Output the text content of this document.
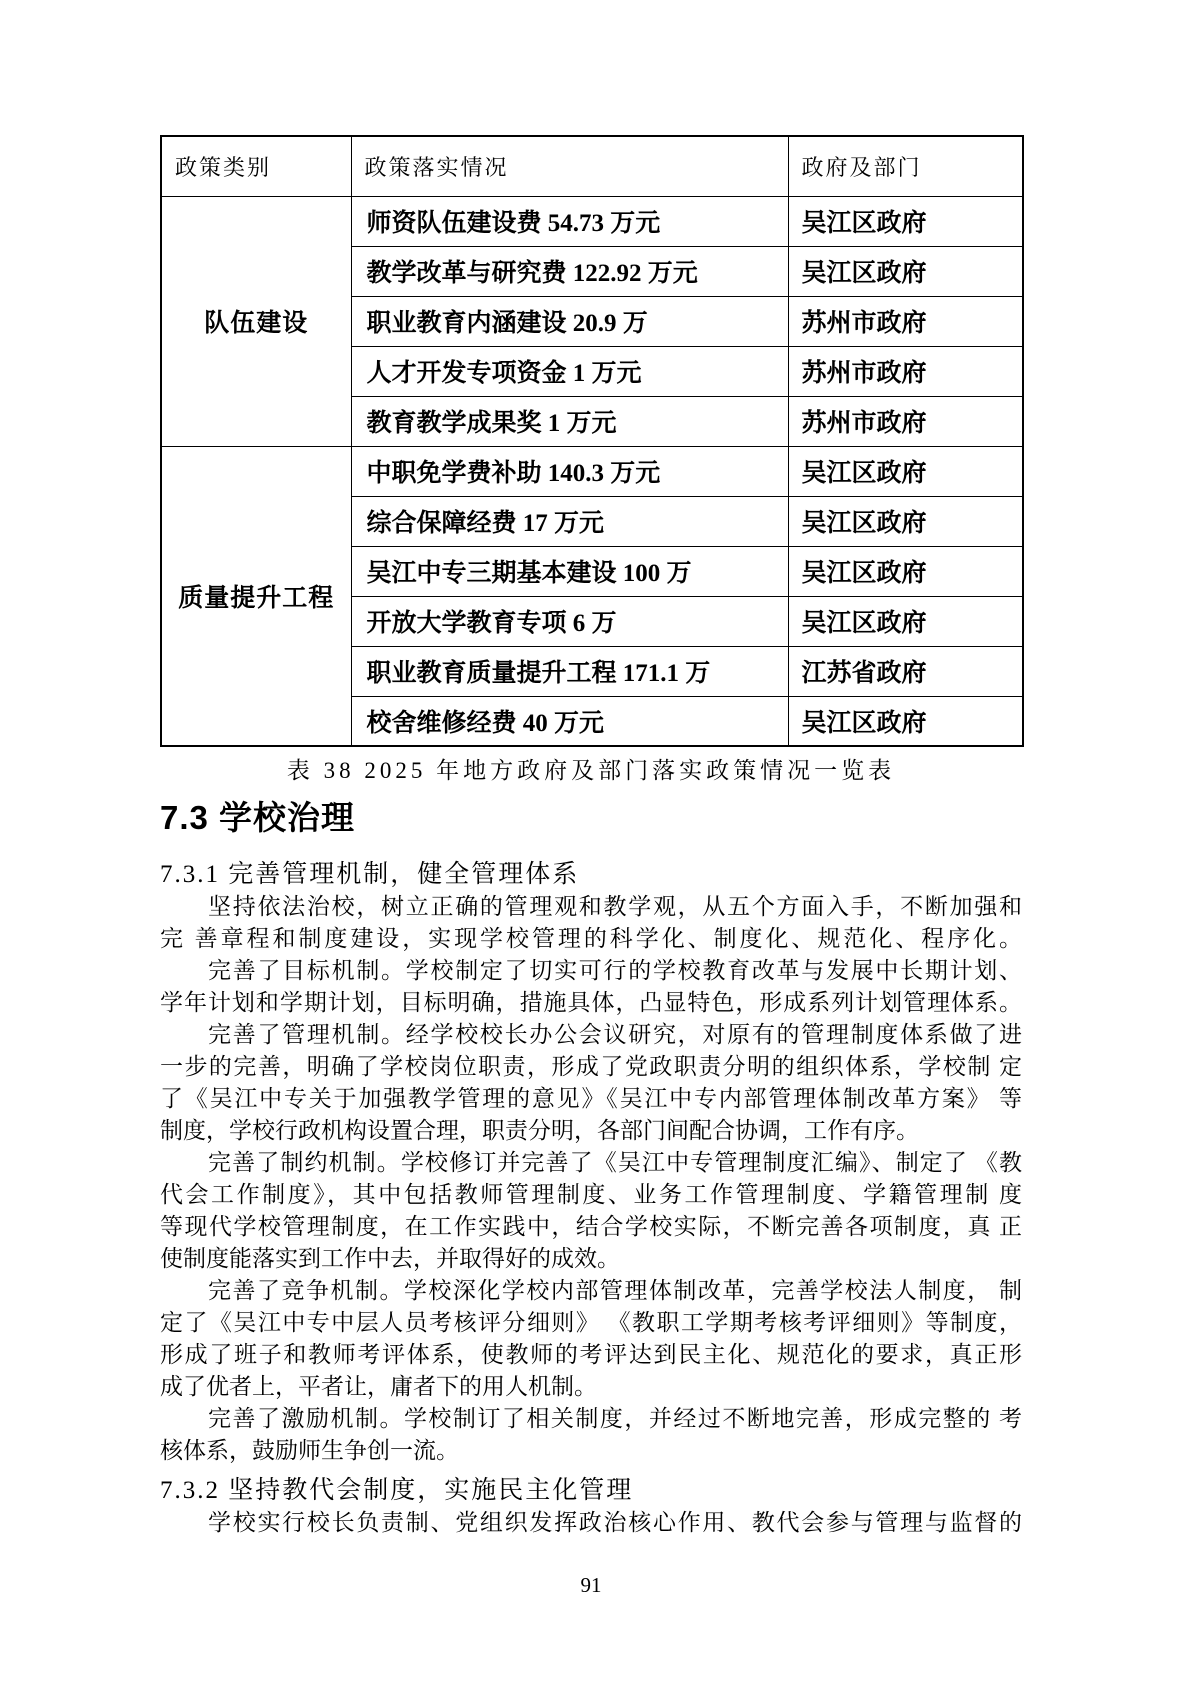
政策类别	政策落实情况	政府及部门
队伍建设	师资队伍建设费 54.73 万元	吴江区政府
	教学改革与研究费 122.92 万元	吴江区政府
	职业教育内涵建设 20.9 万	苏州市政府
	人才开发专项资金 1 万元	苏州市政府
	教育教学成果奖 1 万元	苏州市政府
质量提升工程	中职免学费补助 140.3 万元	吴江区政府
	综合保障经费 17 万元	吴江区政府
	吴江中专三期基本建设 100 万	吴江区政府
	开放大学教育专项 6 万	吴江区政府
	职业教育质量提升工程 171.1 万	江苏省政府
	校舍维修经费 40 万元	吴江区政府
表 38 2025 年地方政府及部门落实政策情况一览表
7.3 学校治理
7.3.1 完善管理机制，健全管理体系
坚持依法治校，树立正确的管理观和教学观，从五个方面入手，不断加强和
完 善章程和制度建设，实现学校管理的科学化、制度化、规范化、程序化。
完善了目标机制。学校制定了切实可行的学校教育改革与发展中长期计划、
学年计划和学期计划，目标明确，措施具体，凸显特色，形成系列计划管理体系。
完善了管理机制。经学校校长办公会议研究，对原有的管理制度体系做了进
一步的完善，明确了学校岗位职责，形成了党政职责分明的组织体系，学校制 定
了《吴江中专关于加强教学管理的意见》《吴江中专内部管理体制改革方案》 等
制度，学校行政机构设置合理，职责分明，各部门间配合协调，工作有序。
完善了制约机制。学校修订并完善了《吴江中专管理制度汇编》、制定了 《教
代会工作制度》，其中包括教师管理制度、业务工作管理制度、学籍管理制 度
等现代学校管理制度，在工作实践中，结合学校实际，不断完善各项制度，真 正
使制度能落实到工作中去，并取得好的成效。
完善了竞争机制。学校深化学校内部管理体制改革，完善学校法人制度， 制
定了《吴江中专中层人员考核评分细则》 《教职工学期考核考评细则》等制度，
形成了班子和教师考评体系，使教师的考评达到民主化、规范化的要求，真正形
成了优者上，平者让，庸者下的用人机制。
完善了激励机制。学校制订了相关制度，并经过不断地完善，形成完整的 考
核体系，鼓励师生争创一流。
7.3.2 坚持教代会制度，实施民主化管理
学校实行校长负责制、党组织发挥政治核心作用、教代会参与管理与监督的
91
